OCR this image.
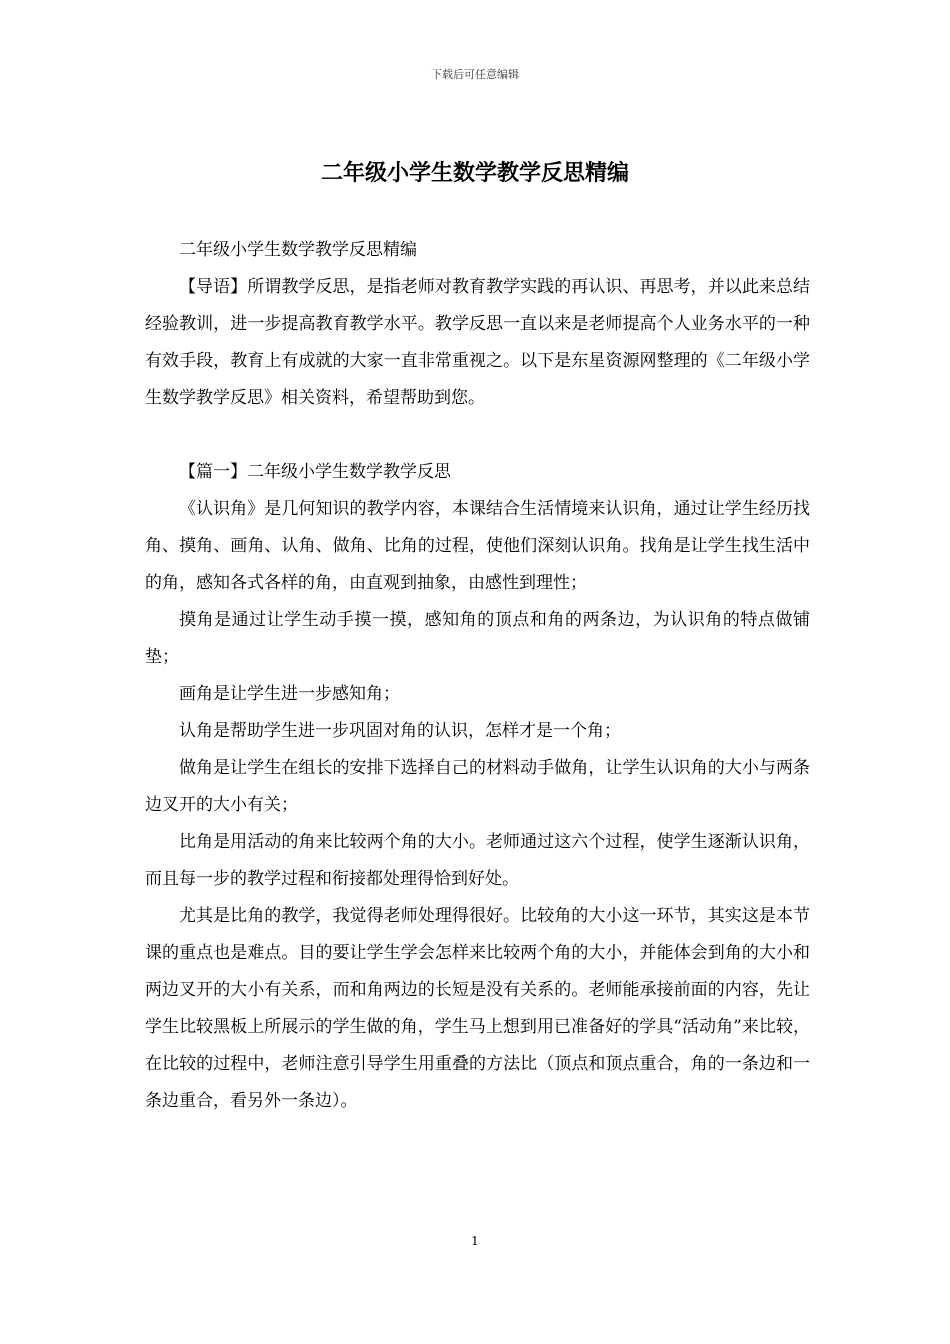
下载后可任意编辑
二年级小学生数学教学反思精编

二年级小学生数学教学反思精编

【导语】所谓教学反思，是指老师对教育教学实践的再认识、再思考，并以此来总结经验教训，进一步提高教育教学水平。教学反思一直以来是老师提高个人业务水平的一种有效手段，教育上有成就的大家一直非常重视之。以下是东星资源网整理的《二年级小学生数学教学反思》相关资料，希望帮助到您。

【篇一】二年级小学生数学教学反思

《认识角》是几何知识的教学内容，本课结合生活情境来认识角，通过让学生经历找角、摸角、画角、认角、做角、比角的过程，使他们深刻认识角。找角是让学生找生活中的角，感知各式各样的角，由直观到抽象，由感性到理性；

摸角是通过让学生动手摸一摸，感知角的顶点和角的两条边，为认识角的特点做铺垫；

画角是让学生进一步感知角；

认角是帮助学生进一步巩固对角的认识，怎样才是一个角；

做角是让学生在组长的安排下选择自己的材料动手做角，让学生认识角的大小与两条边叉开的大小有关；

比角是用活动的角来比较两个角的大小。老师通过这六个过程，使学生逐渐认识角，而且每一步的教学过程和衔接都处理得恰到好处。

尤其是比角的教学，我觉得老师处理得很好。比较角的大小这一环节，其实这是本节课的重点也是难点。目的要让学生学会怎样来比较两个角的大小，并能体会到角的大小和两边叉开的大小有关系，而和角两边的长短是没有关系的。老师能承接前面的内容，先让学生比较黑板上所展示的学生做的角，学生马上想到用已准备好的学具“活动角”来比较，在比较的过程中，老师注意引导学生用重叠的方法比（顶点和顶点重合，角的一条边和一条边重合，看另外一条边）。

1
